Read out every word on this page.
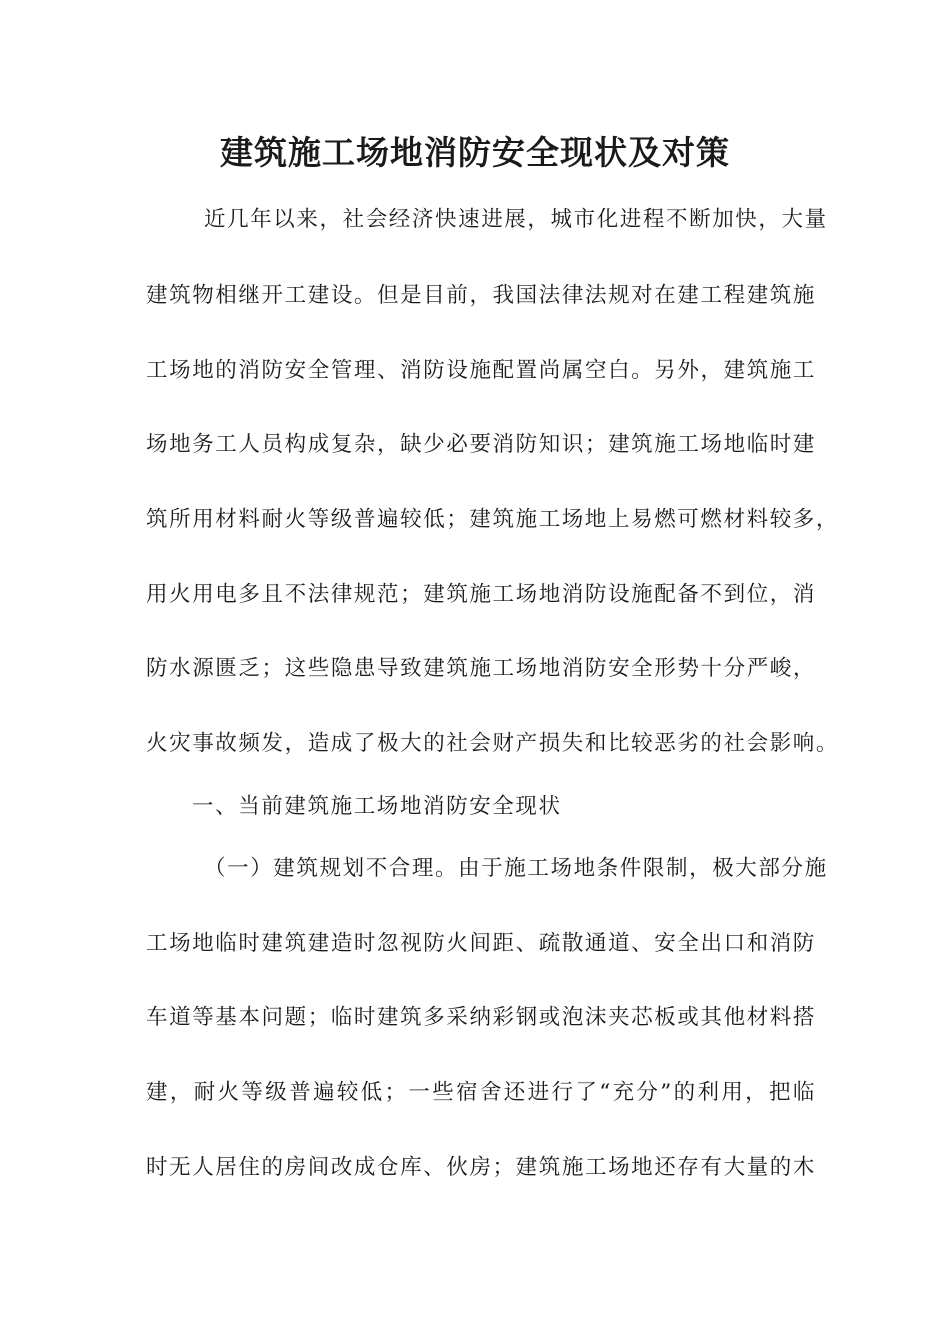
建筑施工场地消防安全现状及对策

近几年以来，社会经济快速进展，城市化进程不断加快，大量

建筑物相继开工建设。但是目前，我国法律法规对在建工程建筑施

工场地的消防安全管理、消防设施配置尚属空白。另外，建筑施工

场地务工人员构成复杂，缺少必要消防知识；建筑施工场地临时建

筑所用材料耐火等级普遍较低；建筑施工场地上易燃可燃材料较多，

用火用电多且不法律规范；建筑施工场地消防设施配备不到位，消

防水源匮乏；这些隐患导致建筑施工场地消防安全形势十分严峻，

火灾事故频发，造成了极大的社会财产损失和比较恶劣的社会影响。

一、当前建筑施工场地消防安全现状

（一）建筑规划不合理。由于施工场地条件限制，极大部分施

工场地临时建筑建造时忽视防火间距、疏散通道、安全出口和消防

车道等基本问题；临时建筑多采纳彩钢或泡沫夹芯板或其他材料搭

建，耐火等级普遍较低；一些宿舍还进行了“充分”的利用，把临

时无人居住的房间改成仓库、伙房；建筑施工场地还存有大量的木
